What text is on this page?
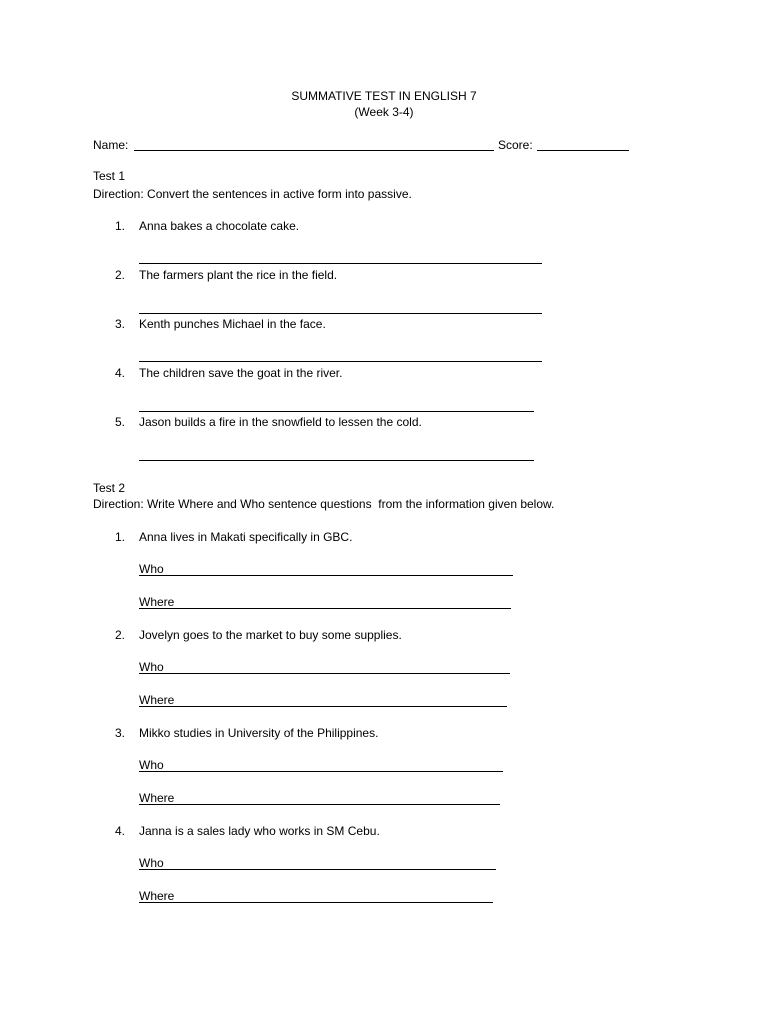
SUMMATIVE TEST IN ENGLISH 7
(Week 3-4)
Name:	Score:
Test 1
Direction: Convert the sentences in active form into passive.
1.	Anna bakes a chocolate cake.
2.	The farmers plant the rice in the field.
3.	Kenth punches Michael in the face.
4.	The children save the goat in the river.
5.	Jason builds a fire in the snowfield to lessen the cold.
Test 2
Direction: Write Where and Who sentence questions  from the information given below.
1.	Anna lives in Makati specifically in GBC.
Who
Where
2.	Jovelyn goes to the market to buy some supplies.
Who
Where
3.	Mikko studies in University of the Philippines.
Who
Where
4.	Janna is a sales lady who works in SM Cebu.
Who
Where
